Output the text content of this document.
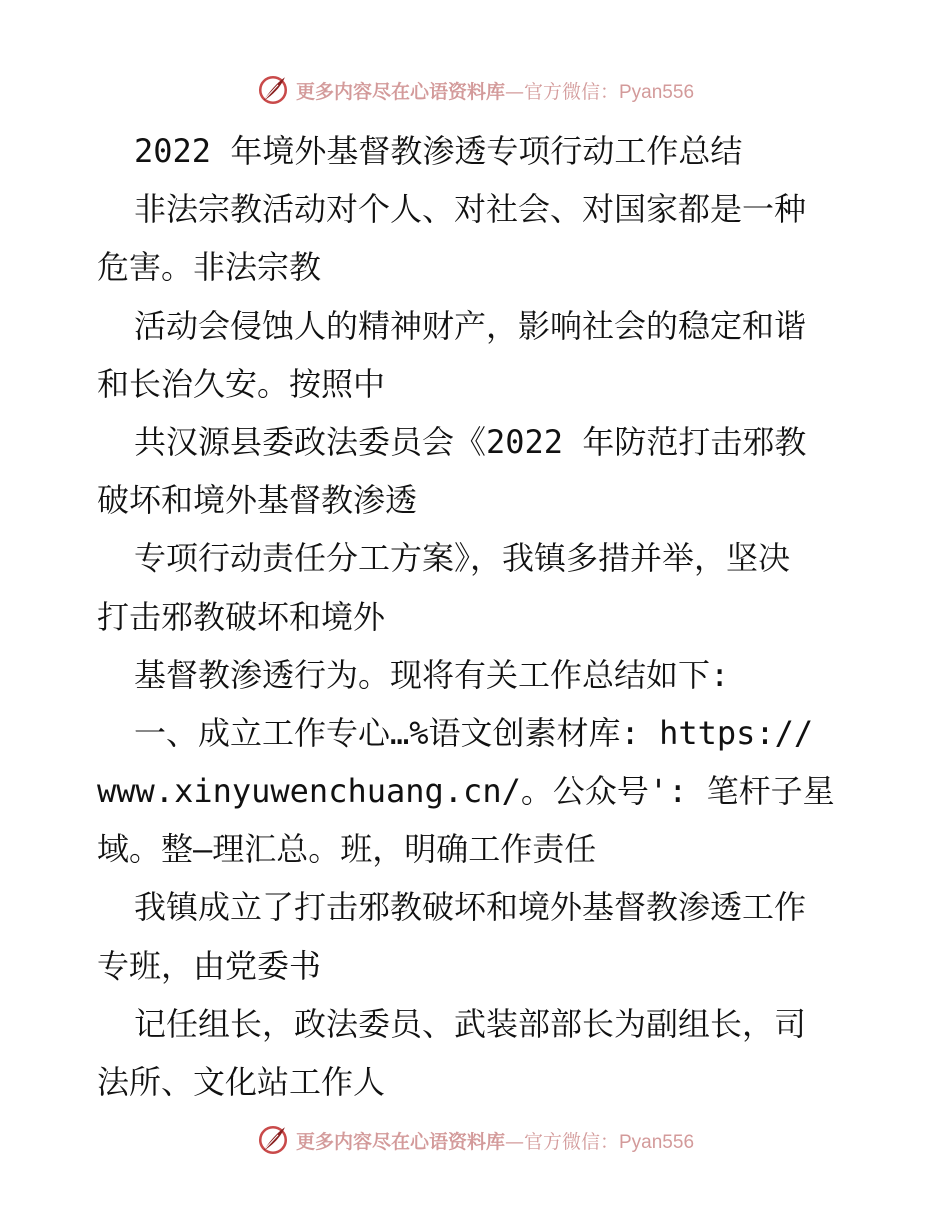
更多内容尽在心语资料库—官方微信：Pyan556
2022 年境外基督教渗透专项行动工作总结
非法宗教活动对个人、对社会、对国家都是一种
危害。非法宗教
活动会侵蚀人的精神财产，影响社会的稳定和谐
和长治久安。按照中
共汉源县委政法委员会《2022 年防范打击邪教
破坏和境外基督教渗透
专项行动责任分工方案》，我镇多措并举，坚决
打击邪教破坏和境外
基督教渗透行为。现将有关工作总结如下:
一、成立工作专心…%语文创素材库: https://
www.xinyuwenchuang.cn/。公众号': 笔杆子星
域。整—理汇总。班，明确工作责任
我镇成立了打击邪教破坏和境外基督教渗透工作
专班，由党委书
记任组长，政法委员、武装部部长为副组长，司
法所、文化站工作人
更多内容尽在心语资料库—官方微信：Pyan556
